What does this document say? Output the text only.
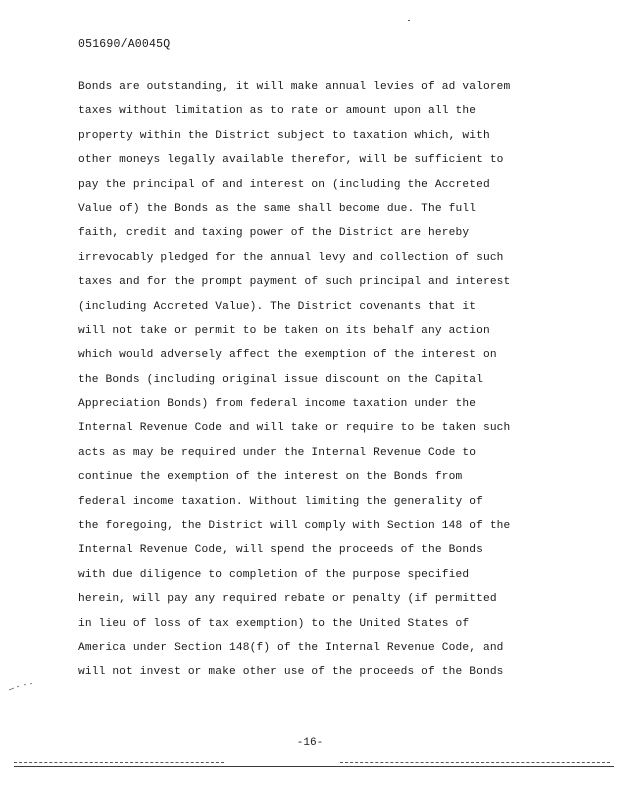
051690/A0045Q
Bonds are outstanding, it will make annual levies of ad valorem
taxes without limitation as to rate or amount upon all the
property within the District subject to taxation which, with
other moneys legally available therefor, will be sufficient to
pay the principal of and interest on (including the Accreted
Value of) the Bonds as the same shall become due. The full
faith, credit and taxing power of the District are hereby
irrevocably pledged for the annual levy and collection of such
taxes and for the prompt payment of such principal and interest
(including Accreted Value). The District covenants that it
will not take or permit to be taken on its behalf any action
which would adversely affect the exemption of the interest on
the Bonds (including original issue discount on the Capital
Appreciation Bonds) from federal income taxation under the
Internal Revenue Code and will take or require to be taken such
acts as may be required under the Internal Revenue Code to
continue the exemption of the interest on the Bonds from
federal income taxation. Without limiting the generality of
the foregoing, the District will comply with Section 148 of the
Internal Revenue Code, will spend the proceeds of the Bonds
with due diligence to completion of the purpose specified
herein, will pay any required rebate or penalty (if permitted
in lieu of loss of tax exemption) to the United States of
America under Section 148(f) of the Internal Revenue Code, and
will not invest or make other use of the proceeds of the Bonds
-16-
